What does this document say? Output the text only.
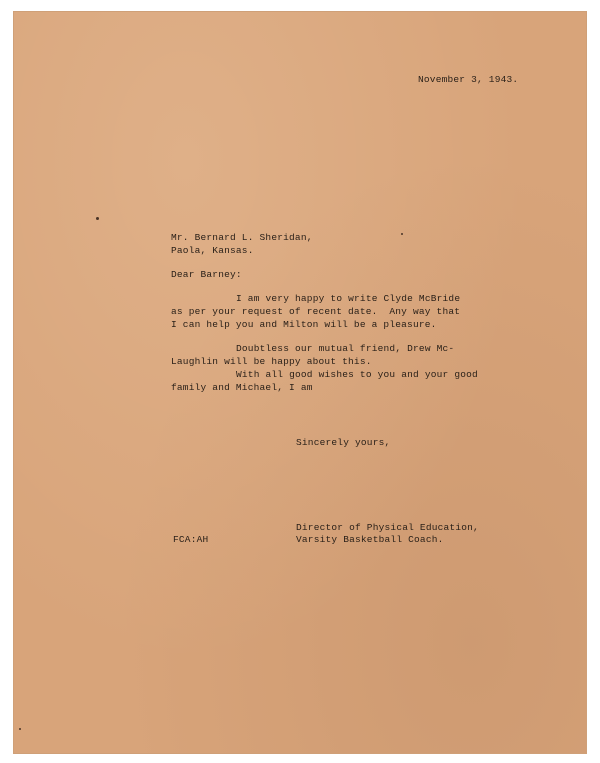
November 3, 1943.

Mr. Bernard L. Sheridan,

Paola, Kansas.

Dear Barney:

I am very happy to write Clyde McBride

as per your request of recent date.  Any way that

I can help you and Milton will be a pleasure.

Doubtless our mutual friend, Drew Mc-

Laughlin will be happy about this.

With all good wishes to you and your good

family and Michael, I am

Sincerely yours,

Director of Physical Education,

FCA:AH	Varsity Basketball Coach.
